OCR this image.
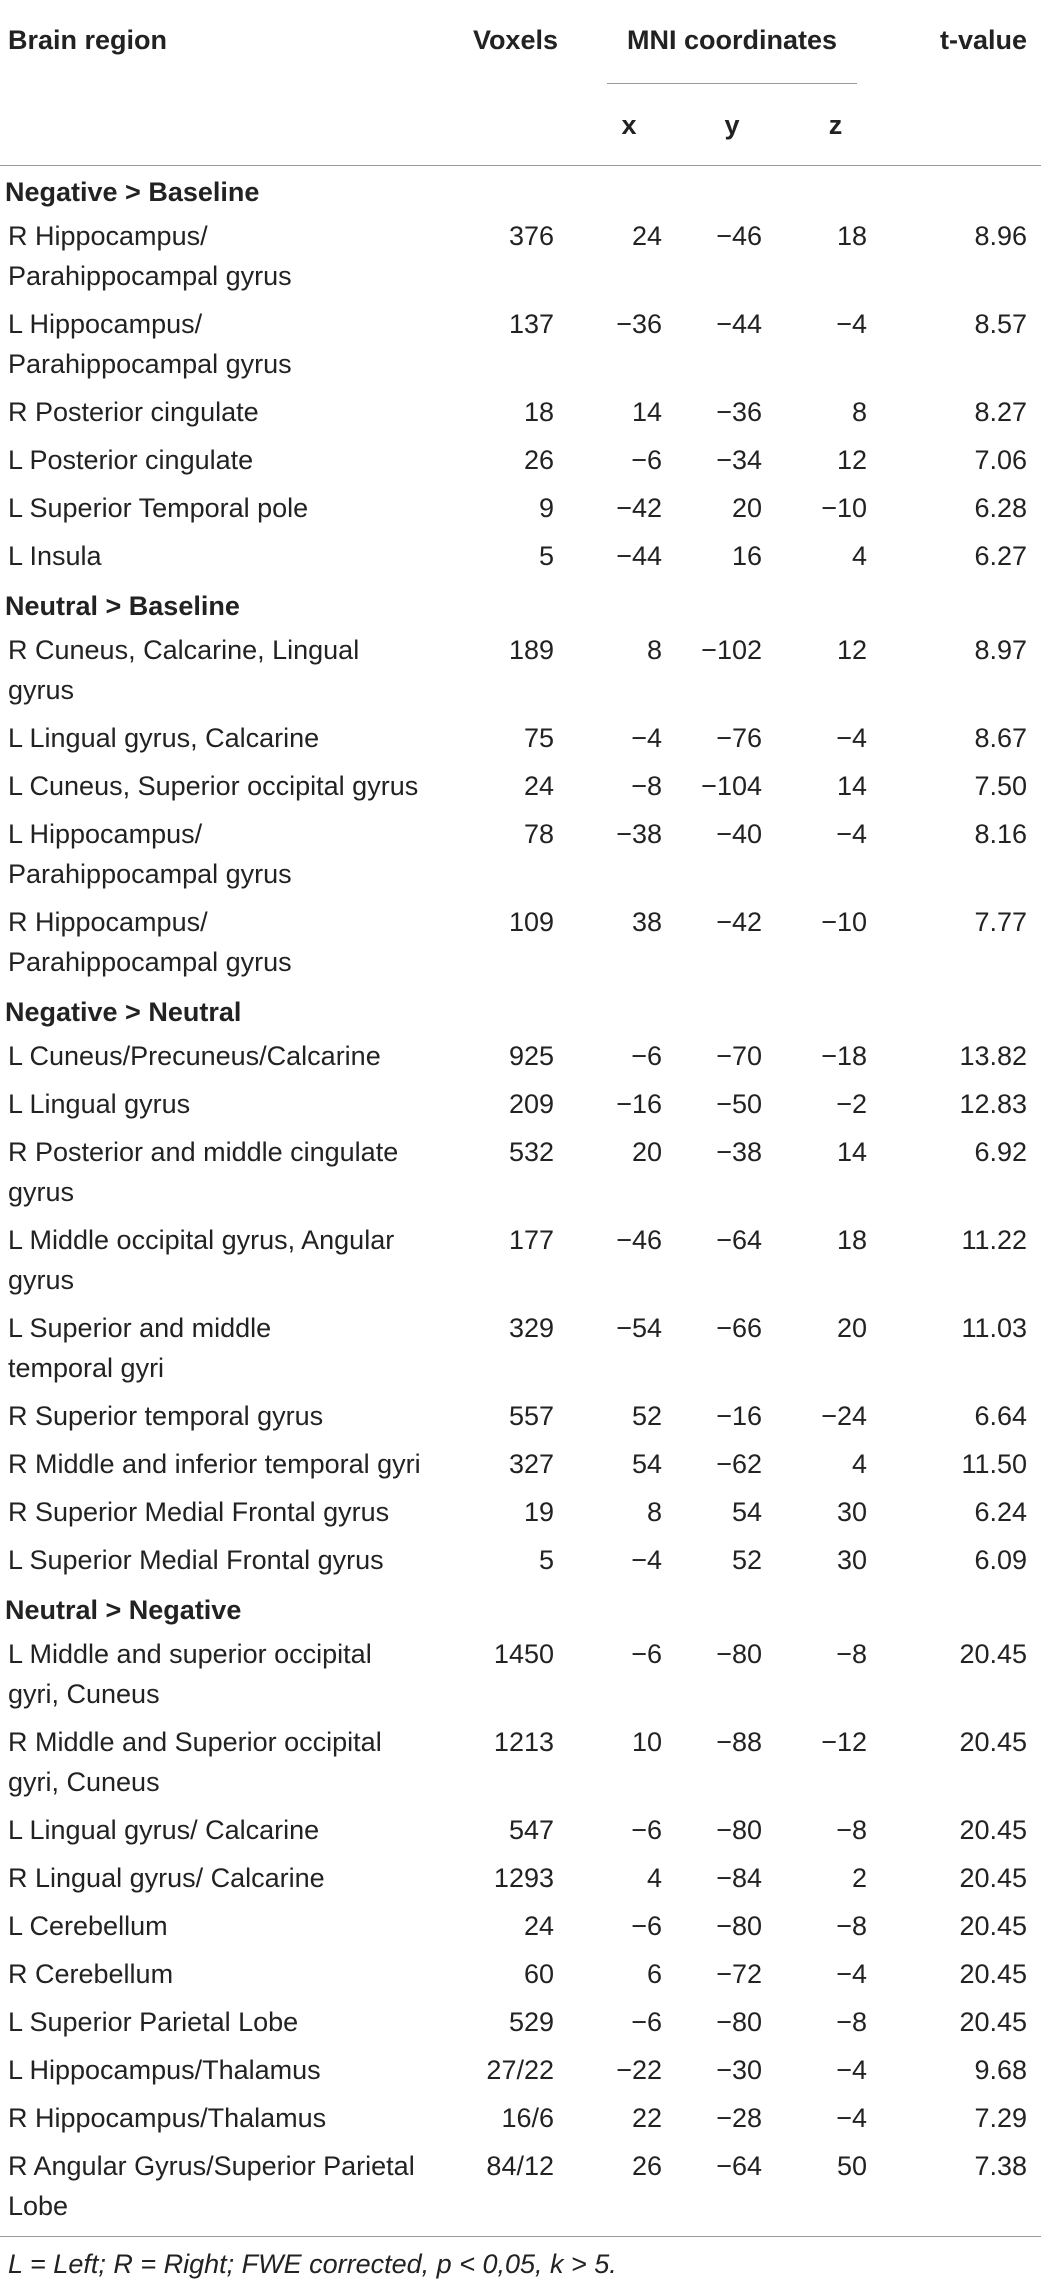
Brain region	Voxels	MNI coordinates			t-value
		x	y	z	
Negative > Baseline					
R Hippocampus/
Parahippocampal gyrus	376	24	−46	18	8.96
L Hippocampus/
Parahippocampal gyrus	137	−36	−44	−4	8.57
R Posterior cingulate	18	14	−36	8	8.27
L Posterior cingulate	26	−6	−34	12	7.06
L Superior Temporal pole	9	−42	20	−10	6.28
L Insula	5	−44	16	4	6.27
Neutral > Baseline					
R Cuneus, Calcarine, Lingual
gyrus	189	8	−102	12	8.97
L Lingual gyrus, Calcarine	75	−4	−76	−4	8.67
L Cuneus, Superior occipital gyrus	24	−8	−104	14	7.50
L Hippocampus/
Parahippocampal gyrus	78	−38	−40	−4	8.16
R Hippocampus/
Parahippocampal gyrus	109	38	−42	−10	7.77
Negative > Neutral					
L Cuneus/Precuneus/Calcarine	925	−6	−70	−18	13.82
L Lingual gyrus	209	−16	−50	−2	12.83
R Posterior and middle cingulate
gyrus	532	20	−38	14	6.92
L Middle occipital gyrus, Angular
gyrus	177	−46	−64	18	11.22
L Superior and middle
temporal gyri	329	−54	−66	20	11.03
R Superior temporal gyrus	557	52	−16	−24	6.64
R Middle and inferior temporal gyri	327	54	−62	4	11.50
R Superior Medial Frontal gyrus	19	8	54	30	6.24
L Superior Medial Frontal gyrus	5	−4	52	30	6.09
Neutral > Negative					
L Middle and superior occipital
gyri, Cuneus	1450	−6	−80	−8	20.45
R Middle and Superior occipital
gyri, Cuneus	1213	10	−88	−12	20.45
L Lingual gyrus/ Calcarine	547	−6	−80	−8	20.45
R Lingual gyrus/ Calcarine	1293	4	−84	2	20.45
L Cerebellum	24	−6	−80	−8	20.45
R Cerebellum	60	6	−72	−4	20.45
L Superior Parietal Lobe	529	−6	−80	−8	20.45
L Hippocampus/Thalamus	27/22	−22	−30	−4	9.68
R Hippocampus/Thalamus	16/6	22	−28	−4	7.29
R Angular Gyrus/Superior Parietal
Lobe	84/12	26	−64	50	7.38
L = Left; R = Right; FWE corrected, p < 0,05, k > 5.
